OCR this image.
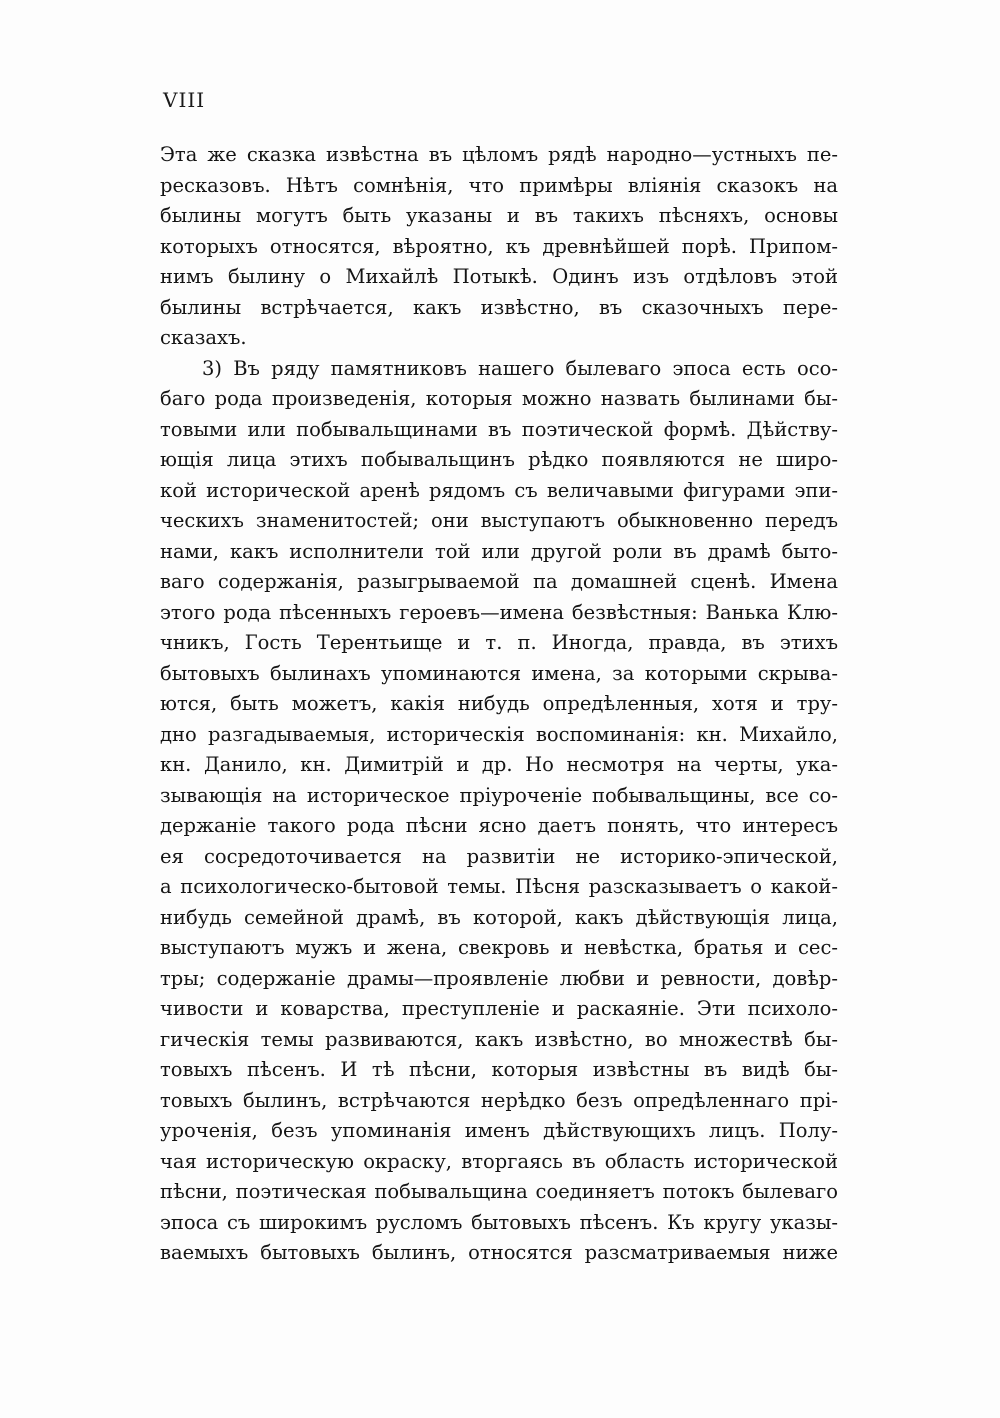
VIII
Эта же сказка извѣстна въ цѣломъ рядѣ народно—устныхъ пе-
ресказовъ. Нѣтъ сомнѣнія, что примѣры вліянія сказокъ на
былины могутъ быть указаны и въ такихъ пѣсняхъ, основы
которыхъ относятся, вѣроятно, къ древнѣйшей порѣ. Припом-
нимъ былину о Михайлѣ Потыкѣ. Одинъ изъ отдѣловъ этой
былины встрѣчается, какъ извѣстно, въ сказочныхъ пере-
сказахъ.
3) Въ ряду памятниковъ нашего былеваго эпоса есть осо-
баго рода произведенія, которыя можно назвать былинами бы-
товыми или побывальщинами въ поэтической формѣ. Дѣйству-
ющія лица этихъ побывальщинъ рѣдко появляются не широ-
кой исторической аренѣ рядомъ съ величавыми фигурами эпи-
ческихъ знаменитостей; они выступаютъ обыкновенно передъ
нами, какъ исполнители той или другой роли въ драмѣ быто-
ваго содержанія, разыгрываемой па домашней сценѣ. Имена
этого рода пѣсенныхъ героевъ—имена безвѣстныя: Ванька Клю-
чникъ, Гость Терентьище и т. п. Иногда, правда, въ этихъ
бытовыхъ былинахъ упоминаются имена, за которыми скрыва-
ются, быть можетъ, какія нибудь опредѣленныя, хотя и тру-
дно разгадываемыя, историческія воспоминанія: кн. Михайло,
кн. Данило, кн. Димитрій и др. Но несмотря на черты, ука-
зывающія на историческое пріуроченіе побывальщины, все со-
держаніе такого рода пѣсни ясно даетъ понять, что интересъ
ея сосредоточивается на развитіи не историко-эпической,
а психологическо-бытовой темы. Пѣсня разсказываетъ о какой-
нибудь семейной драмѣ, въ которой, какъ дѣйствующія лица,
выступаютъ мужъ и жена, свекровь и невѣстка, братья и сес-
тры; содержаніе драмы—проявленіе любви и ревности, довѣр-
чивости и коварства, преступленіе и раскаяніе. Эти психоло-
гическія темы развиваются, какъ извѣстно, во множествѣ бы-
товыхъ пѣсенъ. И тѣ пѣсни, которыя извѣстны въ видѣ бы-
товыхъ былинъ, встрѣчаются нерѣдко безъ опредѣленнаго прі-
уроченія, безъ упоминанія именъ дѣйствующихъ лицъ. Полу-
чая историческую окраску, вторгаясь въ область исторической
пѣсни, поэтическая побывальщина соединяетъ потокъ былеваго
эпоса съ широкимъ русломъ бытовыхъ пѣсенъ. Къ кругу указы-
ваемыхъ бытовыхъ былинъ, относятся разсматриваемыя ниже
